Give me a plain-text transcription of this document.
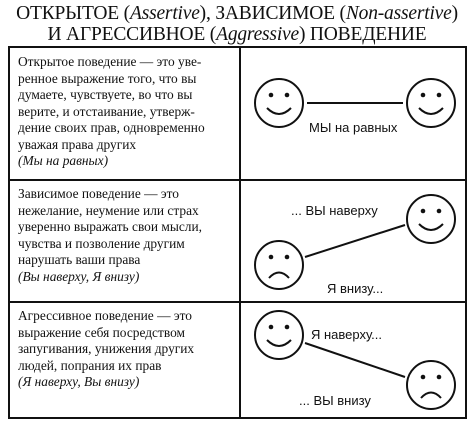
ОТКРЫТОЕ (Assertive), ЗАВИСИМОЕ (Non-assertive)
И АГРЕССИВНОЕ (Aggressive) ПОВЕДЕНИЕ
Открытое поведение — это уве-
ренное выражение того, что вы
думаете, чувствуете, во что вы
верите, и отстаивание, утверж-
дение своих прав, одновременно
уважая права других
(Мы на равных)
МЫ на равных
Зависимое поведение — это
нежелание, неумение или страх
уверенно выражать свои мысли,
чувства и позволение другим
нарушать ваши права
(Вы наверху, Я внизу)
... ВЫ наверху
Я внизу...
Агрессивное поведение — это
выражение себя посредством
запугивания, унижения других
людей, попрания их прав
(Я наверху, Вы внизу)
Я наверху...
... ВЫ внизу
